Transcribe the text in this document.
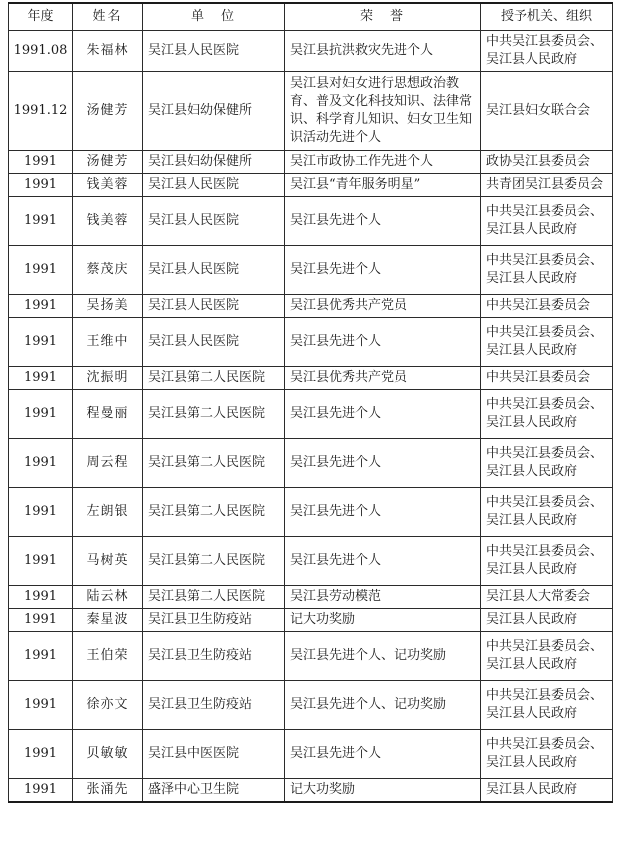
年度	姓名	单　位	荣　誉	授予机关、组织
1991.08	朱福林	吴江县人民医院	吴江县抗洪救灾先进个人	中共吴江县委员会、吴江县人民政府
1991.12	汤健芳	吴江县妇幼保健所	吴江县对妇女进行思想政治教育、普及文化科技知识、法律常识、科学育儿知识、妇女卫生知识活动先进个人	吴江县妇女联合会
1991	汤健芳	吴江县妇幼保健所	吴江市政协工作先进个人	政协吴江县委员会
1991	钱美蓉	吴江县人民医院	吴江县“青年服务明星”	共青团吴江县委员会
1991	钱美蓉	吴江县人民医院	吴江县先进个人	中共吴江县委员会、吴江县人民政府
1991	蔡茂庆	吴江县人民医院	吴江县先进个人	中共吴江县委员会、吴江县人民政府
1991	吴扬美	吴江县人民医院	吴江县优秀共产党员	中共吴江县委员会
1991	王维中	吴江县人民医院	吴江县先进个人	中共吴江县委员会、吴江县人民政府
1991	沈振明	吴江县第二人民医院	吴江县优秀共产党员	中共吴江县委员会
1991	程曼丽	吴江县第二人民医院	吴江县先进个人	中共吴江县委员会、吴江县人民政府
1991	周云程	吴江县第二人民医院	吴江县先进个人	中共吴江县委员会、吴江县人民政府
1991	左朗银	吴江县第二人民医院	吴江县先进个人	中共吴江县委员会、吴江县人民政府
1991	马树英	吴江县第二人民医院	吴江县先进个人	中共吴江县委员会、吴江县人民政府
1991	陆云林	吴江县第二人民医院	吴江县劳动模范	吴江县人大常委会
1991	秦星波	吴江县卫生防疫站	记大功奖励	吴江县人民政府
1991	王伯荣	吴江县卫生防疫站	吴江县先进个人、记功奖励	中共吴江县委员会、吴江县人民政府
1991	徐亦文	吴江县卫生防疫站	吴江县先进个人、记功奖励	中共吴江县委员会、吴江县人民政府
1991	贝敏敏	吴江县中医医院	吴江县先进个人	中共吴江县委员会、吴江县人民政府
1991	张涌先	盛泽中心卫生院	记大功奖励	吴江县人民政府
